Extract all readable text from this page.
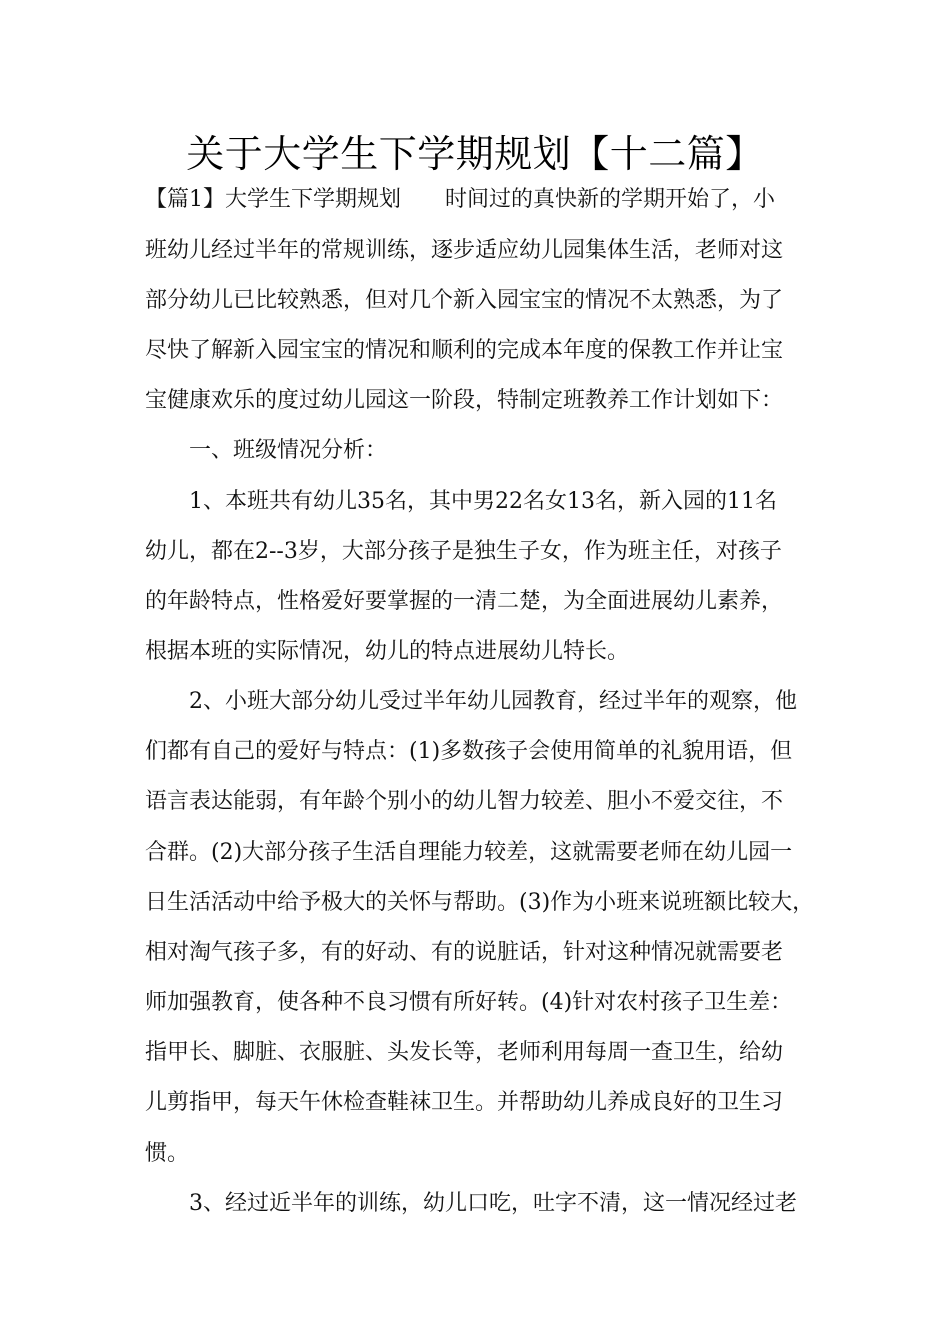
关于大学生下学期规划【十二篇】
【篇1】大学生下学期规划 时间过的真快新的学期开始了，小
班幼儿经过半年的常规训练，逐步适应幼儿园集体生活，老师对这
部分幼儿已比较熟悉，但对几个新入园宝宝的情况不太熟悉，为了
尽快了解新入园宝宝的情况和顺利的完成本年度的保教工作并让宝
宝健康欢乐的度过幼儿园这一阶段，特制定班教养工作计划如下：
一、班级情况分析：
1、本班共有幼儿35名，其中男22名女13名，新入园的11名
幼儿，都在2--3岁，大部分孩子是独生子女，作为班主任，对孩子
的年龄特点，性格爱好要掌握的一清二楚，为全面进展幼儿素养，
根据本班的实际情况，幼儿的特点进展幼儿特长。
2、小班大部分幼儿受过半年幼儿园教育，经过半年的观察，他
们都有自己的爱好与特点：(1)多数孩子会使用简单的礼貌用语，但
语言表达能弱，有年龄个别小的幼儿智力较差、胆小不爱交往，不
合群。(2)大部分孩子生活自理能力较差，这就需要老师在幼儿园一
日生活活动中给予极大的关怀与帮助。(3)作为小班来说班额比较大，
相对淘气孩子多，有的好动、有的说脏话，针对这种情况就需要老
师加强教育，使各种不良习惯有所好转。(4)针对农村孩子卫生差：
指甲长、脚脏、衣服脏、头发长等，老师利用每周一查卫生，给幼
儿剪指甲，每天午休检查鞋袜卫生。并帮助幼儿养成良好的卫生习
惯。
3、经过近半年的训练，幼儿口吃，吐字不清，这一情况经过老
